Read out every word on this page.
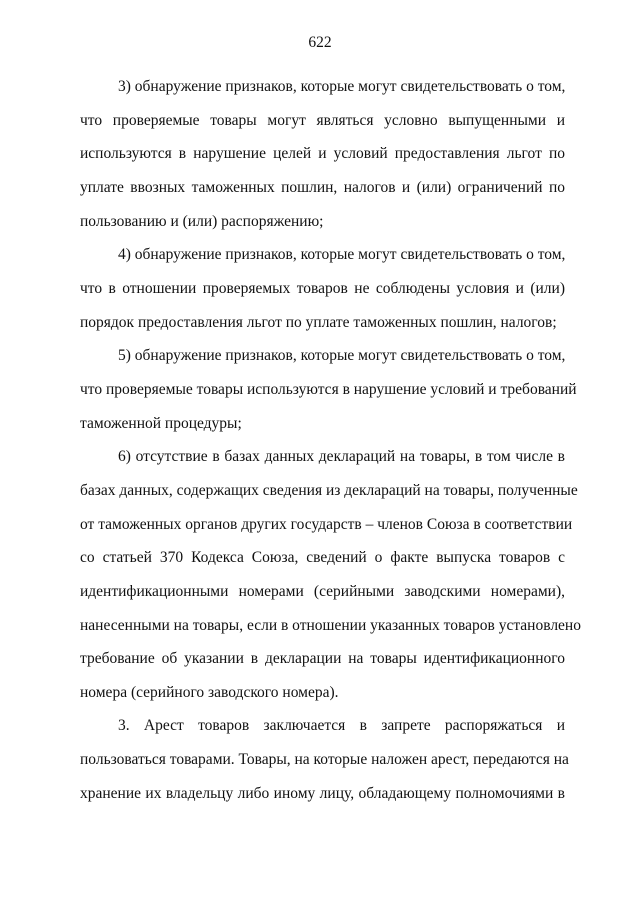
622
3) обнаружение признаков, которые могут свидетельствовать о том,
что проверяемые товары могут являться условно выпущенными и
используются в нарушение целей и условий предоставления льгот по
уплате ввозных таможенных пошлин, налогов и (или) ограничений по
пользованию и (или) распоряжению;
4) обнаружение признаков, которые могут свидетельствовать о том,
что в отношении проверяемых товаров не соблюдены условия и (или)
порядок предоставления льгот по уплате таможенных пошлин, налогов;
5) обнаружение признаков, которые могут свидетельствовать о том,
что проверяемые товары используются в нарушение условий и требований
таможенной процедуры;
6) отсутствие в базах данных деклараций на товары, в том числе в
базах данных, содержащих сведения из деклараций на товары, полученные
от таможенных органов других государств – членов Союза в соответствии
со статьей 370 Кодекса Союза, сведений о факте выпуска товаров с
идентификационными номерами (серийными заводскими номерами),
нанесенными на товары, если в отношении указанных товаров установлено
требование об указании в декларации на товары идентификационного
номера (серийного заводского номера).
3. Арест товаров заключается в запрете распоряжаться и
пользоваться товарами. Товары, на которые наложен арест, передаются на
хранение их владельцу либо иному лицу, обладающему полномочиями в
